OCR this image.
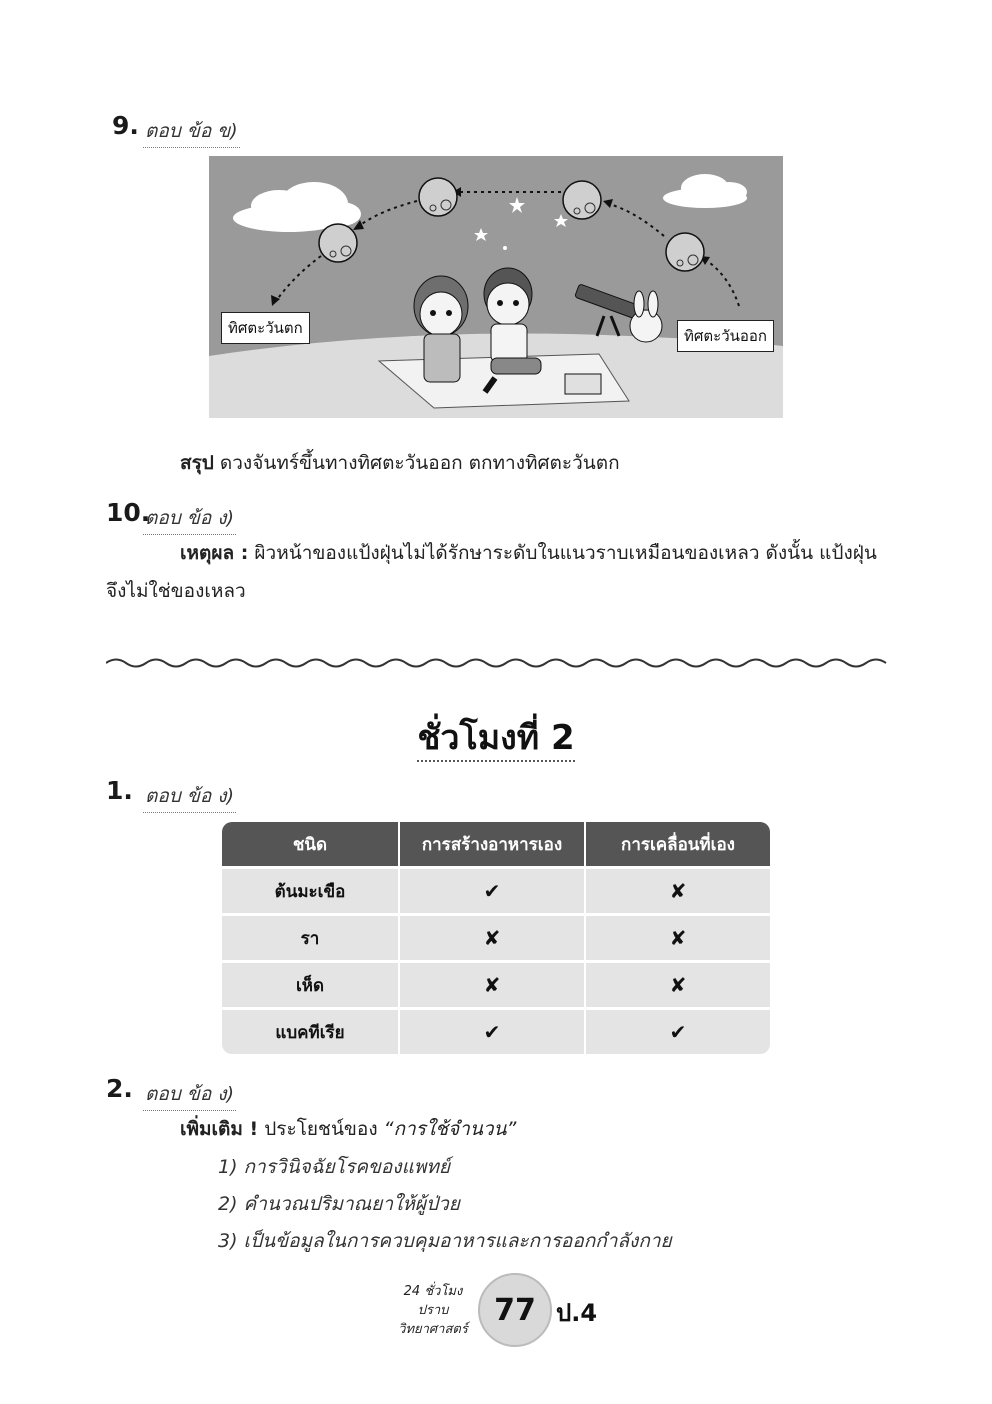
9. ตอบ ข้อ ข)
ทิศตะวันตก	ทิศตะวันออก
สรุป ดวงจันทร์ขึ้นทางทิศตะวันออก ตกทางทิศตะวันตก
10.
ตอบ ข้อ ง)
เหตุผล : ผิวหน้าของแป้งฝุ่นไม่ได้รักษาระดับในแนวราบเหมือนของเหลว ดังนั้น แป้งฝุ่น
จึงไม่ใช่ของเหลว
ชั่วโมงที่ 2
1. ตอบ ข้อ ง)
ชนิด	การสร้างอาหารเอง	การเคลื่อนที่เอง
ต้นมะเขือ	✔	✘
รา	✘	✘
เห็ด	✘	✘
แบคทีเรีย	✔	✔
2. ตอบ ข้อ ง)
เพิ่มเติม ! ประโยชน์ของ “การใช้จำนวน”
1) การวินิจฉัยโรคของแพทย์
2) คำนวณปริมาณยาให้ผู้ป่วย
3) เป็นข้อมูลในการควบคุมอาหารและการออกกำลังกาย
24 ชั่วโมง
ปราบ
วิทยาศาสตร์
77 ป.4
